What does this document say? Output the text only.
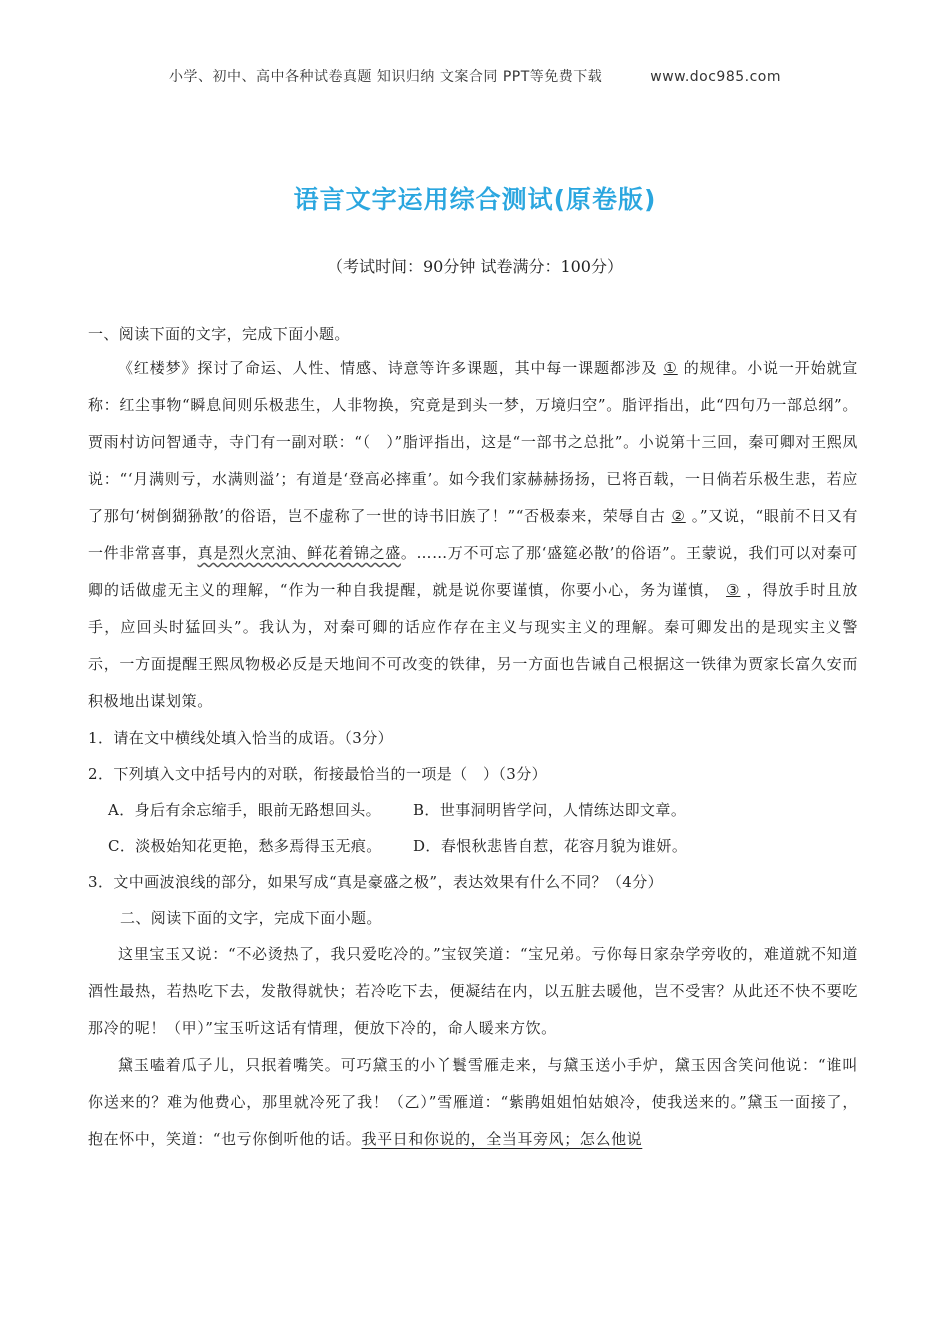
小学、初中、高中各种试卷真题 知识归纳 文案合同 PPT等免费下载	www.doc985.com
语言文字运用综合测试(原卷版)
（考试时间：90分钟 试卷满分：100分）

一、阅读下面的文字，完成下面小题。

《红楼梦》探讨了命运、人性、情感、诗意等许多课题，其中每一课题都涉及 ① 的规律。小说一开始就宣称：红尘事物“瞬息间则乐极悲生，人非物换，究竟是到头一梦，万境归空”。脂评指出，此“四句乃一部总纲”。贾雨村访问智通寺，寺门有一副对联：“（　）”脂评指出，这是“一部书之总批”。小说第十三回，秦可卿对王熙凤说：“‘月满则亏，水满则溢’；有道是‘登高必摔重’。如今我们家赫赫扬扬，已将百载，一日倘若乐极生悲，若应了那句‘树倒猢狲散’的俗语，岂不虚称了一世的诗书旧族了！”“否极泰来，荣辱自古 ② 。”又说，“眼前不日又有一件非常喜事，真是烈火烹油、鲜花着锦之盛。……万不可忘了那‘盛筵必散’的俗语”。王蒙说，我们可以对秦可卿的话做虚无主义的理解，“作为一种自我提醒，就是说你要谨慎，你要小心，务为谨慎， ③ ，得放手时且放手，应回头时猛回头”。我认为，对秦可卿的话应作存在主义与现实主义的理解。秦可卿发出的是现实主义警示，一方面提醒王熙凤物极必反是天地间不可改变的铁律，另一方面也告诫自己根据这一铁律为贾家长富久安而积极地出谋划策。

1．请在文中横线处填入恰当的成语。（3分）

2．下列填入文中括号内的对联，衔接最恰当的一项是（　）（3分）

A．身后有余忘缩手，眼前无路想回头。 B．世事洞明皆学问，人情练达即文章。

C．淡极始知花更艳，愁多焉得玉无痕。 D．春恨秋悲皆自惹，花容月貌为谁妍。

3．文中画波浪线的部分，如果写成“真是豪盛之极”，表达效果有什么不同？（4分）

二、阅读下面的文字，完成下面小题。

这里宝玉又说：“不必烫热了，我只爱吃冷的。”宝钗笑道：“宝兄弟。亏你每日家杂学旁收的，难道就不知道酒性最热，若热吃下去，发散得就快；若冷吃下去，便凝结在内，以五脏去暖他，岂不受害？从此还不快不要吃那冷的呢！（甲）”宝玉听这话有情理，便放下冷的，命人暖来方饮。

黛玉嗑着瓜子儿，只抿着嘴笑。可巧黛玉的小丫鬟雪雁走来，与黛玉送小手炉，黛玉因含笑问他说：“谁叫你送来的？难为他费心，那里就冷死了我！（乙）”雪雁道：“紫鹃姐姐怕姑娘冷，使我送来的。”黛玉一面接了，抱在怀中，笑道：“也亏你倒听他的话。我平日和你说的，全当耳旁风；怎么他说
